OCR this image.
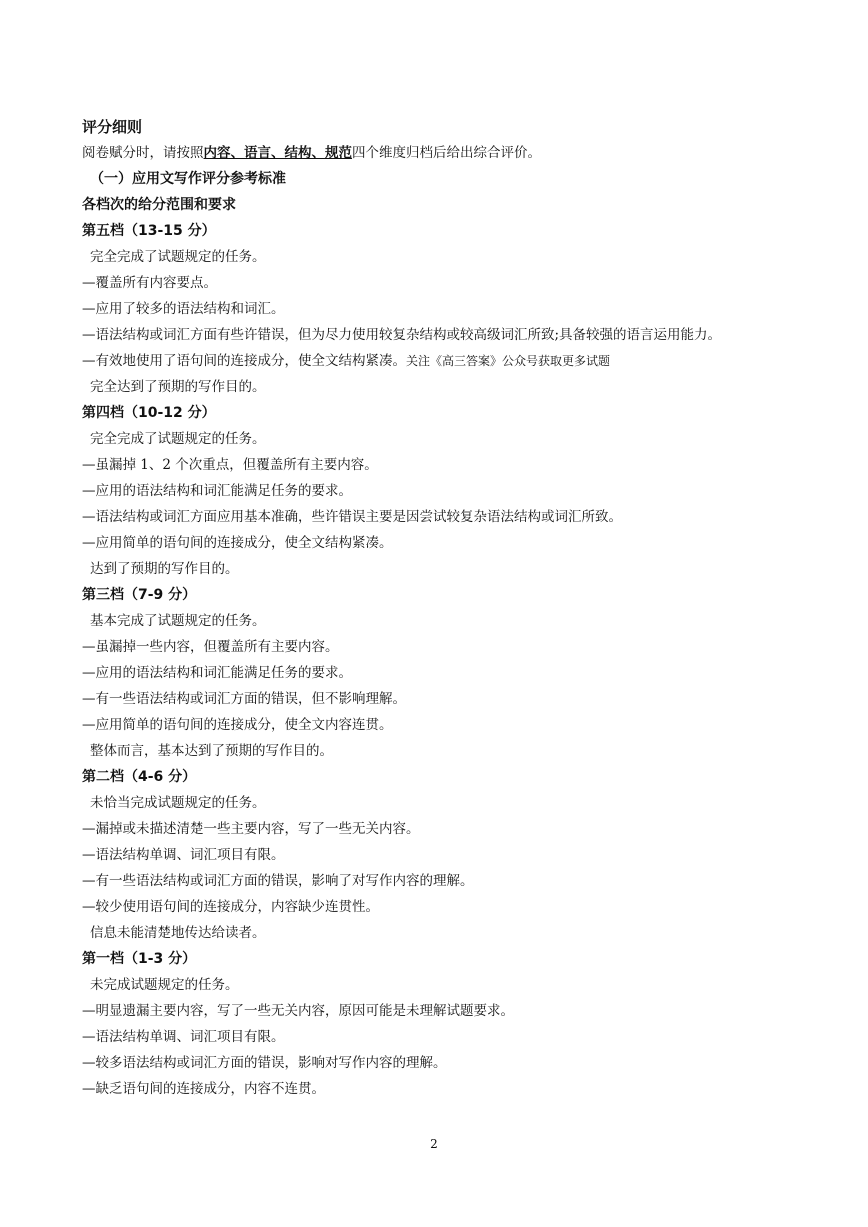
评分细则
阅卷赋分时，请按照内容、语言、结构、规范四个维度归档后给出综合评价。
（一）应用文写作评分参考标准
各档次的给分范围和要求
第五档（13-15 分）
完全完成了试题规定的任务。
—覆盖所有内容要点。
—应用了较多的语法结构和词汇。
—语法结构或词汇方面有些许错误，但为尽力使用较复杂结构或较高级词汇所致;具备较强的语言运用能力。
—有效地使用了语句间的连接成分，使全文结构紧凑。关注《高三答案》公众号获取更多试题
完全达到了预期的写作目的。
第四档（10-12 分）
完全完成了试题规定的任务。
—虽漏掉 1、2 个次重点，但覆盖所有主要内容。
—应用的语法结构和词汇能满足任务的要求。
—语法结构或词汇方面应用基本准确，些许错误主要是因尝试较复杂语法结构或词汇所致。
—应用简单的语句间的连接成分，使全文结构紧凑。
达到了预期的写作目的。
第三档（7-9 分）
基本完成了试题规定的任务。
—虽漏掉一些内容，但覆盖所有主要内容。
—应用的语法结构和词汇能满足任务的要求。
—有一些语法结构或词汇方面的错误，但不影响理解。
—应用简单的语句间的连接成分，使全文内容连贯。
整体而言，基本达到了预期的写作目的。
第二档（4-6 分）
未恰当完成试题规定的任务。
—漏掉或未描述清楚一些主要内容，写了一些无关内容。
—语法结构单调、词汇项目有限。
—有一些语法结构或词汇方面的错误，影响了对写作内容的理解。
—较少使用语句间的连接成分，内容缺少连贯性。
信息未能清楚地传达给读者。
第一档（1-3 分）
未完成试题规定的任务。
—明显遗漏主要内容，写了一些无关内容，原因可能是未理解试题要求。
—语法结构单调、词汇项目有限。
—较多语法结构或词汇方面的错误，影响对写作内容的理解。
—缺乏语句间的连接成分，内容不连贯。
2
